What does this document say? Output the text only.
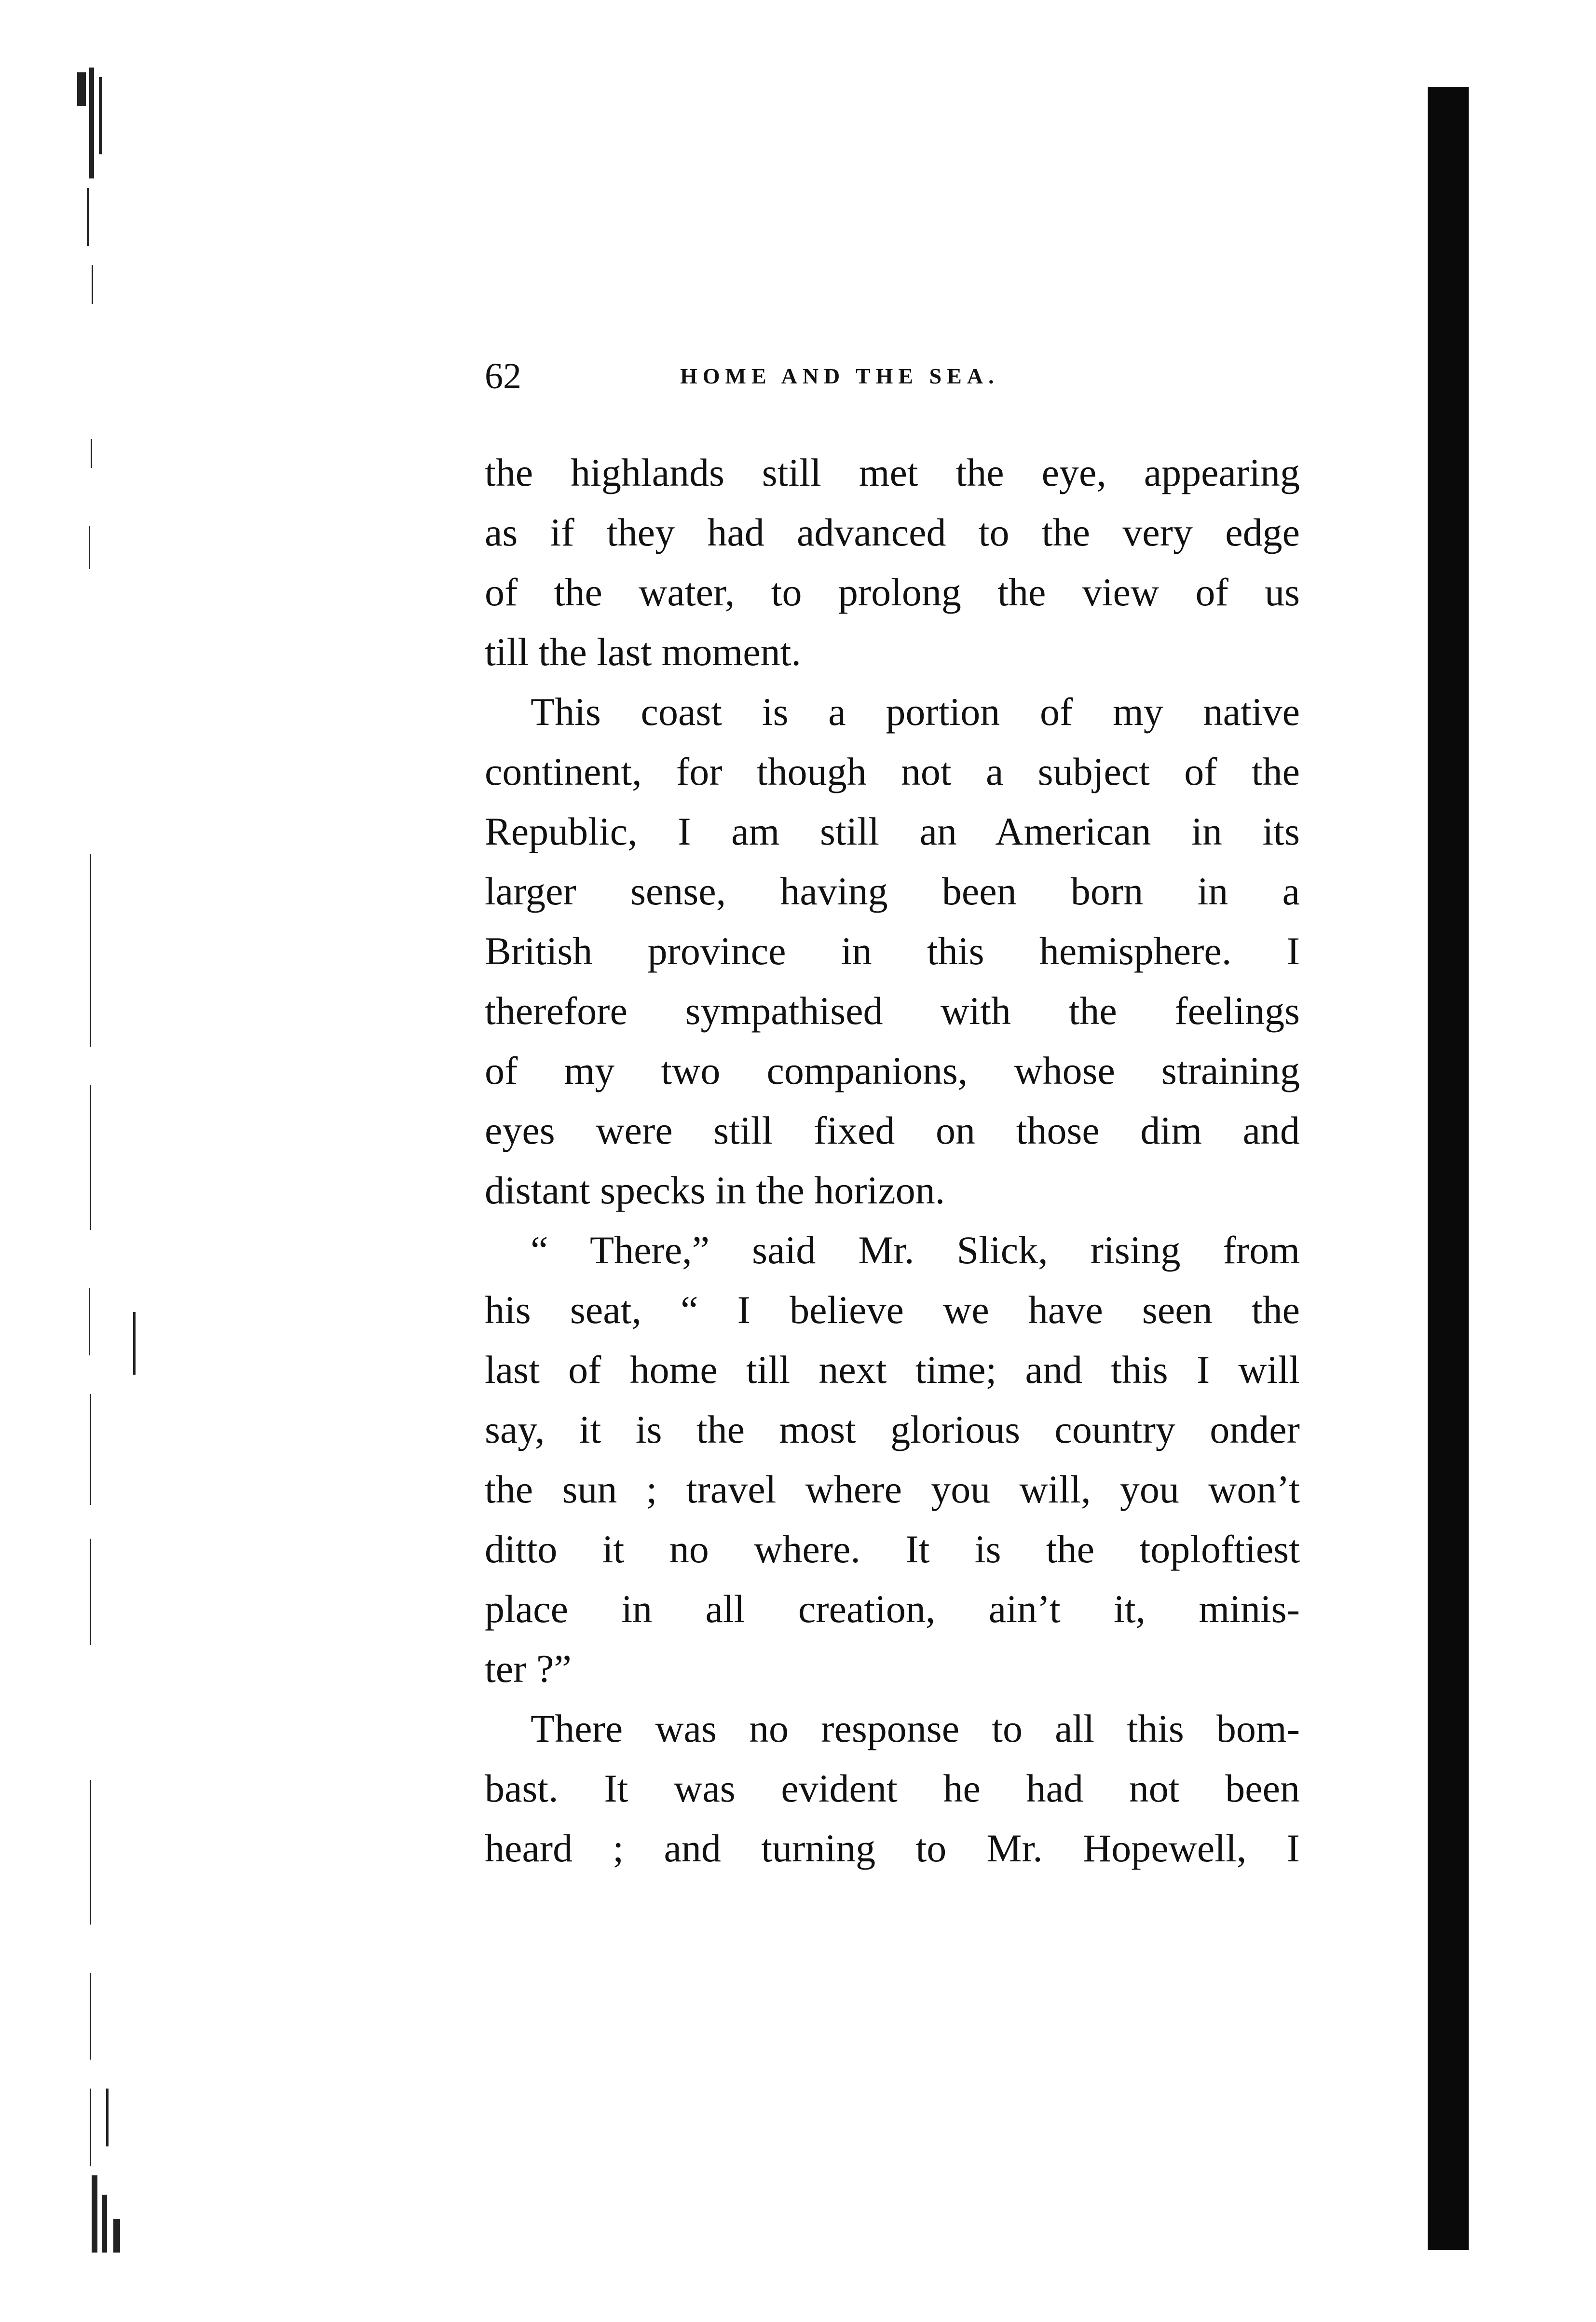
62	HOME AND THE SEA.
the highlands still met the eye, appearing
as if they had advanced to the very edge
of the water, to prolong the view of us
till the last moment.
This coast is a portion of my native
continent, for though not a subject of the
Republic, I am still an American in its
larger sense, having been born in a
British province in this hemisphere. I
therefore sympathised with the feelings
of my two companions, whose straining
eyes were still fixed on those dim and
distant specks in the horizon.
“ There,” said Mr. Slick, rising from
his seat, “ I believe we have seen the
last of home till next time; and this I will
say, it is the most glorious country onder
the sun ; travel where you will, you won’t
ditto it no where. It is the toploftiest
place in all creation, ain’t it, minis-
ter ?”
There was no response to all this bom-
bast. It was evident he had not been
heard ; and turning to Mr. Hopewell, I
